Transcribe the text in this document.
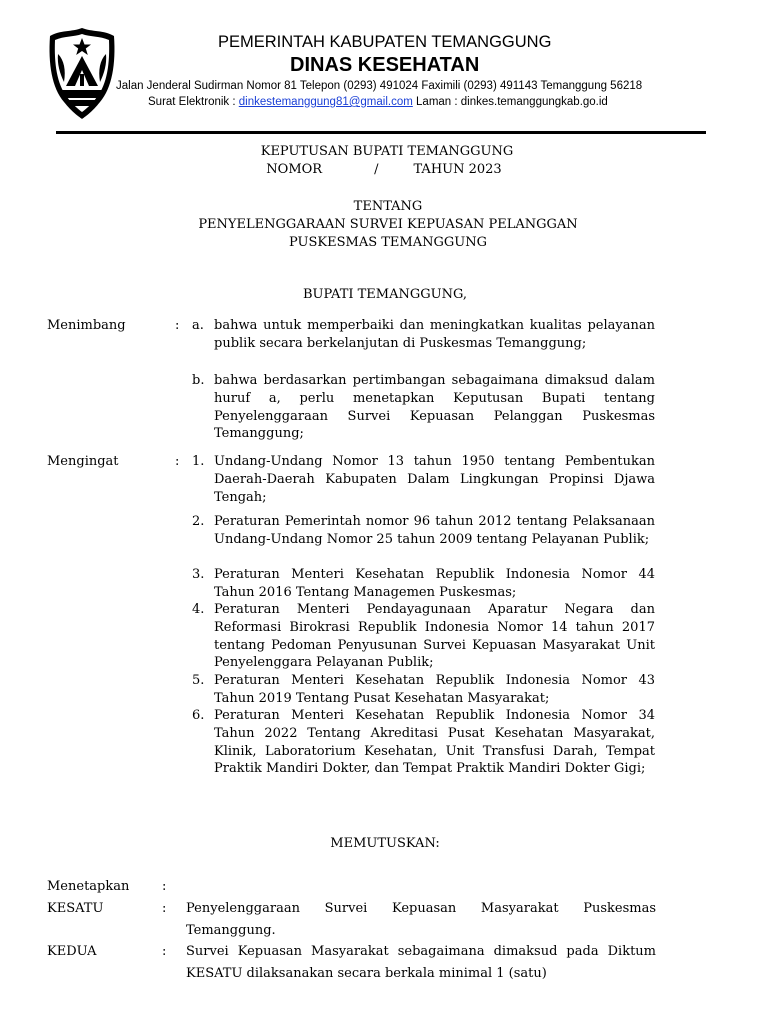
PEMERINTAH KABUPATEN TEMANGGUNG
DINAS KESEHATAN
Jalan Jenderal Sudirman Nomor 81 Telepon (0293) 491024 Faximili (0293) 491143 Temanggung 56218
Surat Elektronik : dinkestemanggung81@gmail.com Laman : dinkes.temanggungkab.go.id
KEPUTUSAN BUPATI TEMANGGUNG
NOMOR	/	TAHUN 2023
TENTANG
PENYELENGGARAAN SURVEI KEPUASAN PELANGGAN
PUSKESMAS TEMANGGUNG
BUPATI TEMANGGUNG,
Menimbang	: a. bahwa untuk memperbaiki dan meningkatkan kualitas pelayanan publik secara berkelanjutan di Puskesmas Temanggung;
b. bahwa berdasarkan pertimbangan sebagaimana dimaksud dalam huruf a, perlu menetapkan Keputusan Bupati tentang Penyelenggaraan Survei Kepuasan Pelanggan Puskesmas Temanggung;
Mengingat	: 1. Undang-Undang Nomor 13 tahun 1950 tentang Pembentukan Daerah-Daerah Kabupaten Dalam Lingkungan Propinsi Djawa Tengah;
2. Peraturan Pemerintah nomor 96 tahun 2012 tentang Pelaksanaan Undang-Undang Nomor 25 tahun 2009 tentang Pelayanan Publik;
3. Peraturan Menteri Kesehatan Republik Indonesia Nomor 44 Tahun 2016 Tentang Managemen Puskesmas;
4. Peraturan Menteri Pendayagunaan Aparatur Negara dan Reformasi Birokrasi Republik Indonesia Nomor 14 tahun 2017 tentang Pedoman Penyusunan Survei Kepuasan Masyarakat Unit Penyelenggara Pelayanan Publik;
5. Peraturan Menteri Kesehatan Republik Indonesia Nomor 43 Tahun 2019 Tentang Pusat Kesehatan Masyarakat;
6. Peraturan Menteri Kesehatan Republik Indonesia Nomor 34 Tahun 2022 Tentang Akreditasi Pusat Kesehatan Masyarakat, Klinik, Laboratorium Kesehatan, Unit Transfusi Darah, Tempat Praktik Mandiri Dokter, dan Tempat Praktik Mandiri Dokter Gigi;
MEMUTUSKAN:
Menetapkan	:
KESATU	: Penyelenggaraan Survei Kepuasan Masyarakat Puskesmas Temanggung.
KEDUA	: Survei Kepuasan Masyarakat sebagaimana dimaksud pada Diktum KESATU dilaksanakan secara berkala minimal 1 (satu)
